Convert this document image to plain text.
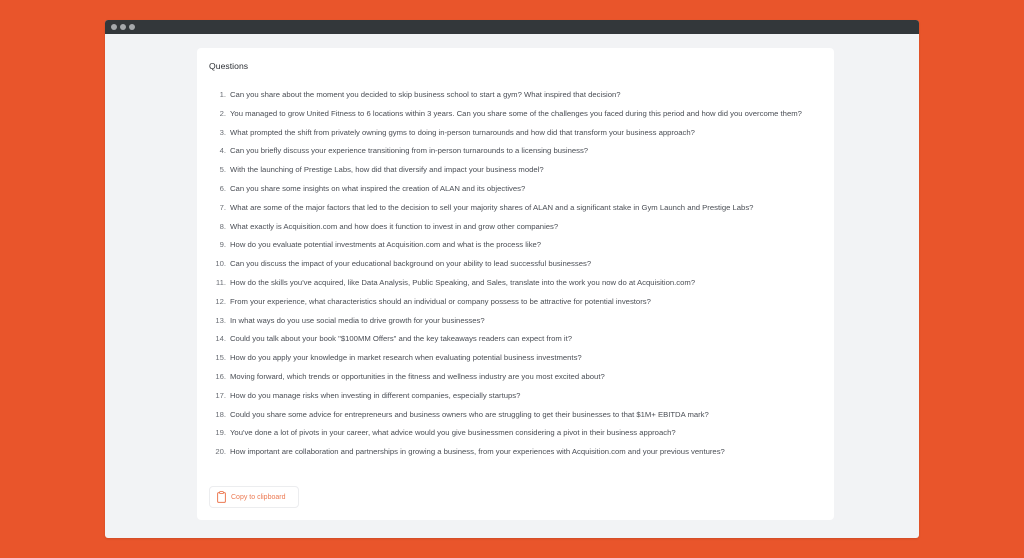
Questions
1. Can you share about the moment you decided to skip business school to start a gym? What inspired that decision?
2. You managed to grow United Fitness to 6 locations within 3 years. Can you share some of the challenges you faced during this period and how did you overcome them?
3. What prompted the shift from privately owning gyms to doing in-person turnarounds and how did that transform your business approach?
4. Can you briefly discuss your experience transitioning from in-person turnarounds to a licensing business?
5. With the launching of Prestige Labs, how did that diversify and impact your business model?
6. Can you share some insights on what inspired the creation of ALAN and its objectives?
7. What are some of the major factors that led to the decision to sell your majority shares of ALAN and a significant stake in Gym Launch and Prestige Labs?
8. What exactly is Acquisition.com and how does it function to invest in and grow other companies?
9. How do you evaluate potential investments at Acquisition.com and what is the process like?
10. Can you discuss the impact of your educational background on your ability to lead successful businesses?
11. How do the skills you've acquired, like Data Analysis, Public Speaking, and Sales, translate into the work you now do at Acquisition.com?
12. From your experience, what characteristics should an individual or company possess to be attractive for potential investors?
13. In what ways do you use social media to drive growth for your businesses?
14. Could you talk about your book "$100MM Offers" and the key takeaways readers can expect from it?
15. How do you apply your knowledge in market research when evaluating potential business investments?
16. Moving forward, which trends or opportunities in the fitness and wellness industry are you most excited about?
17. How do you manage risks when investing in different companies, especially startups?
18. Could you share some advice for entrepreneurs and business owners who are struggling to get their businesses to that $1M+ EBITDA mark?
19. You've done a lot of pivots in your career, what advice would you give businessmen considering a pivot in their business approach?
20. How important are collaboration and partnerships in growing a business, from your experiences with Acquisition.com and your previous ventures?
Copy to clipboard
